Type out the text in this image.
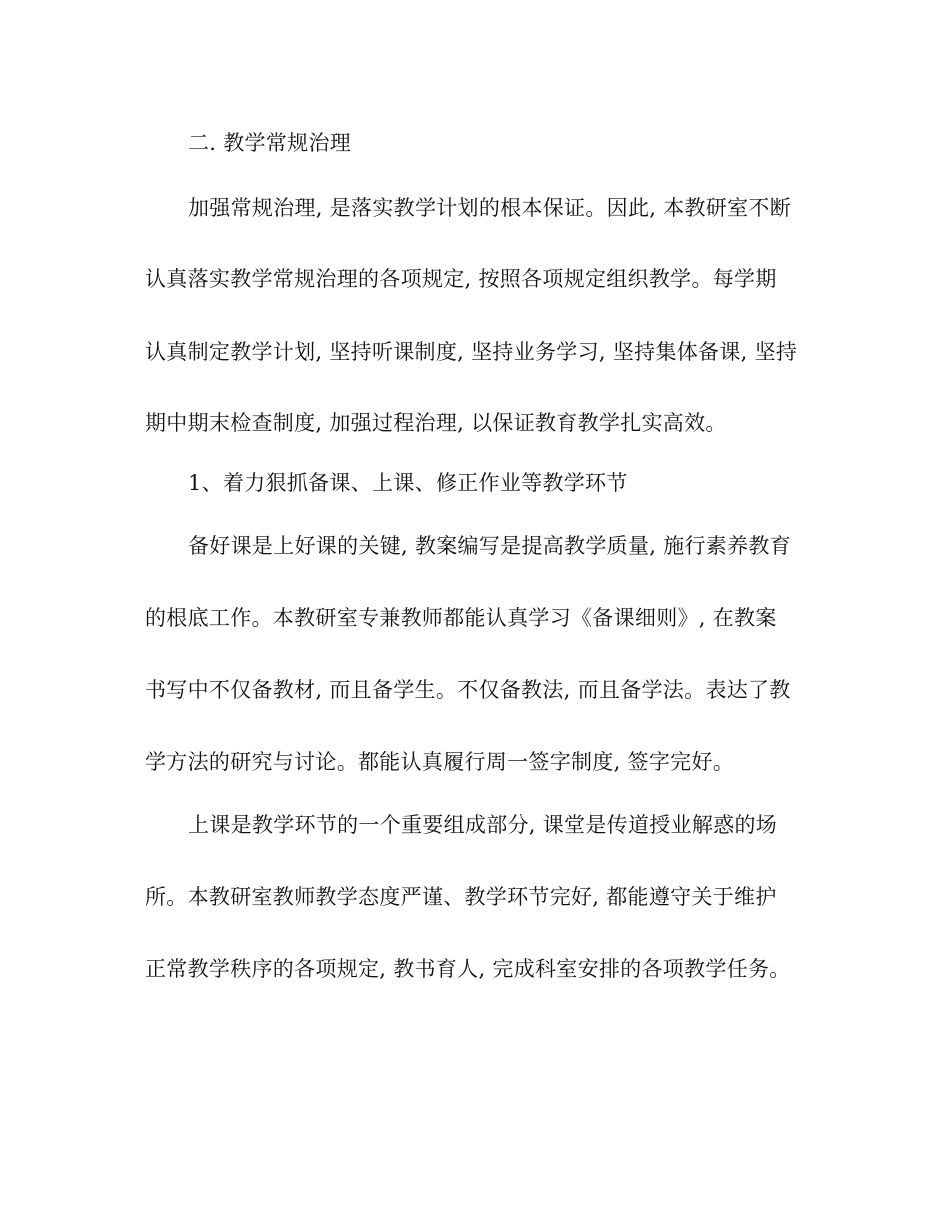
二. 教学常规治理
加强常规治理, 是落实教学计划的根本保证。因此, 本教研室不断
认真落实教学常规治理的各项规定, 按照各项规定组织教学。每学期
认真制定教学计划, 坚持听课制度, 坚持业务学习, 坚持集体备课, 坚持
期中期末检查制度, 加强过程治理, 以保证教育教学扎实高效。
1、着力狠抓备课、上课、修正作业等教学环节
备好课是上好课的关键, 教案编写是提高教学质量, 施行素养教育
的根底工作。本教研室专兼教师都能认真学习《备课细则》, 在教案
书写中不仅备教材, 而且备学生。不仅备教法, 而且备学法。表达了教
学方法的研究与讨论。都能认真履行周一签字制度, 签字完好。
上课是教学环节的一个重要组成部分, 课堂是传道授业解惑的场
所。本教研室教师教学态度严谨、教学环节完好, 都能遵守关于维护
正常教学秩序的各项规定, 教书育人, 完成科室安排的各项教学任务。
